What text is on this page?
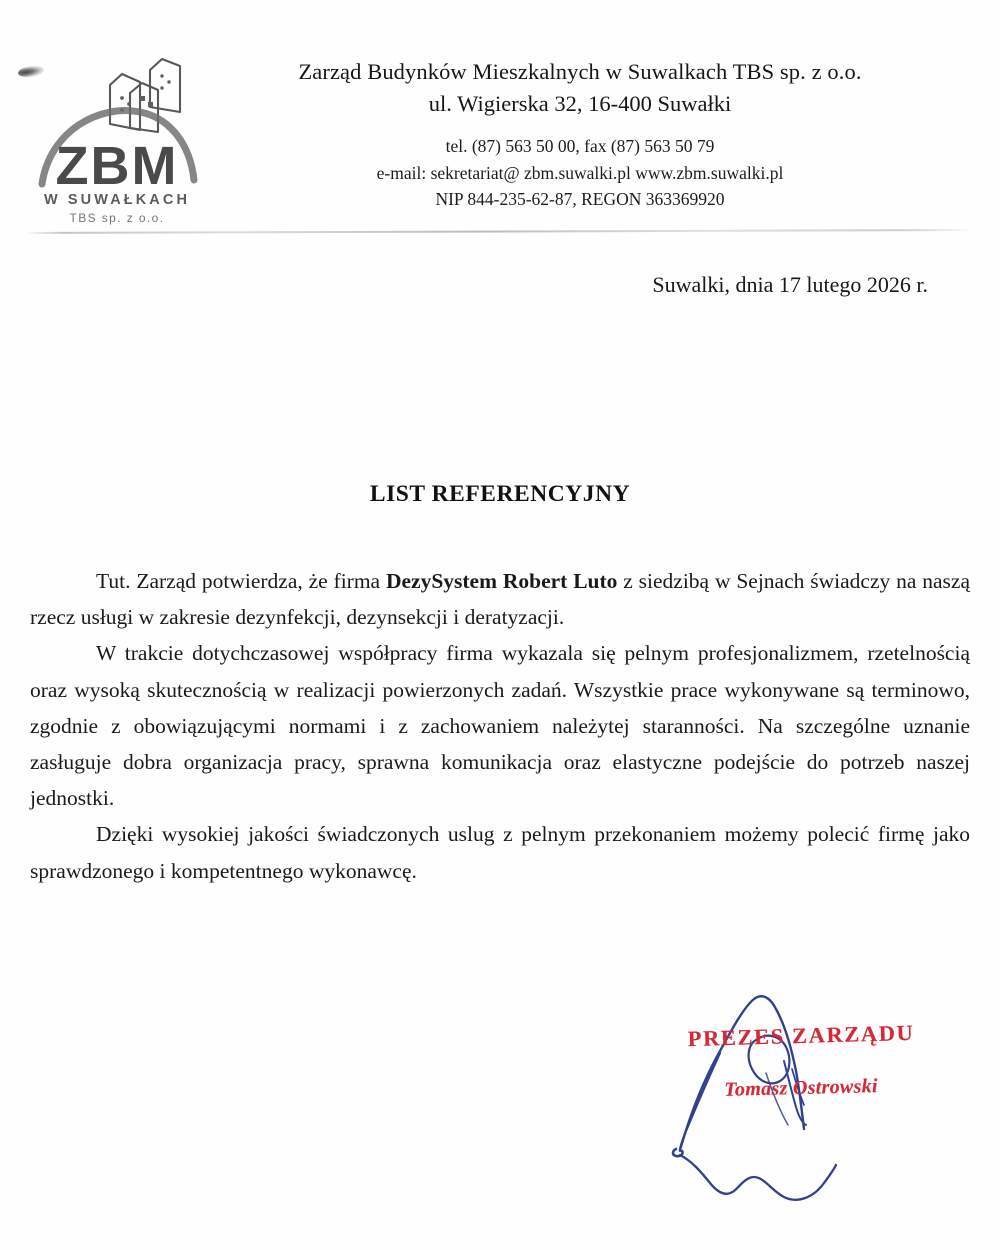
ZBM
W SUWAŁKACH
TBS sp. z o.o.
Zarząd Budynków Mieszkalnych w Suwalkach TBS sp. z o.o.
ul. Wigierska 32, 16-400 Suwałki
tel. (87) 563 50 00, fax (87) 563 50 79
e-mail: sekretariat@ zbm.suwalki.pl www.zbm.suwalki.pl
NIP 844-235-62-87, REGON 363369920
Suwalki, dnia 17 lutego 2026 r.
LIST REFERENCYJNY

Tut. Zarząd potwierdza, że firma DezySystem Robert Luto z siedzibą w Sejnach świadczy na naszą rzecz usługi w zakresie dezynfekcji, dezynsekcji i deratyzacji.

W trakcie dotychczasowej współpracy firma wykazala się pelnym profesjonalizmem, rzetelnością oraz wysoką skutecznością w realizacji powierzonych zadań. Wszystkie prace wykonywane są terminowo, zgodnie z obowiązującymi normami i z zachowaniem należytej staranności. Na szczególne uznanie zasługuje dobra organizacja pracy, sprawna komunikacja oraz elastyczne podejście do potrzeb naszej jednostki.

Dzięki wysokiej jakości świadczonych uslug z pelnym przekonaniem możemy polecić firmę jako sprawdzonego i kompetentnego wykonawcę.

PREZES ZARZĄDU
Tomasz Ostrowski
